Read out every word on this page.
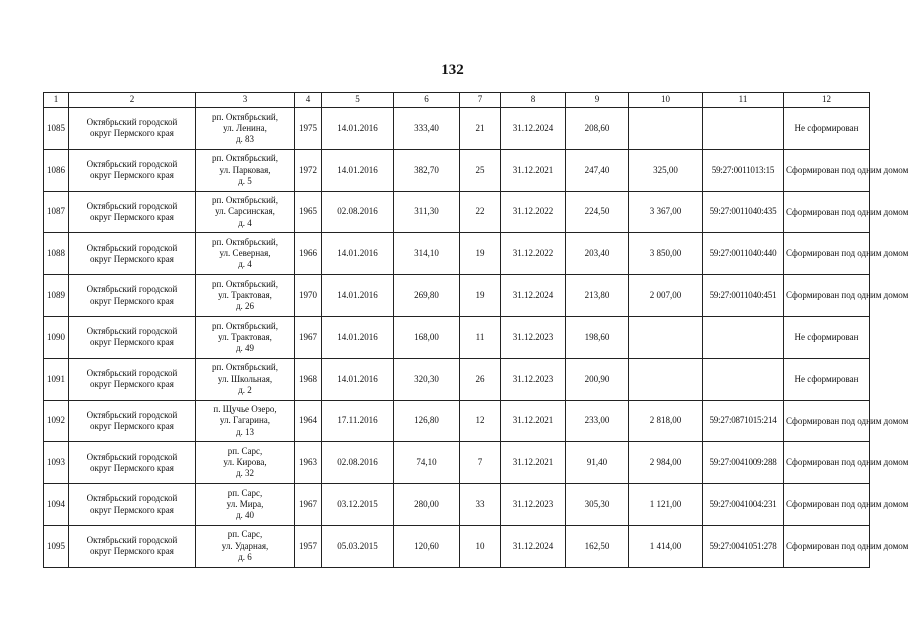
132
1	2	3	4	5	6	7	8	9	10	11	12
1085	Октябрьский городской
округ Пермского края	рп. Октябрьский,
ул. Ленина,
д. 83	1975	14.01.2016	333,40	21	31.12.2024	208,60			Не сформирован
1086	Октябрьский городской
округ Пермского края	рп. Октябрьский,
ул. Парковая,
д. 5	1972	14.01.2016	382,70	25	31.12.2021	247,40	325,00	59:27:0011013:15	Сформирован под одним домом
1087	Октябрьский городской
округ Пермского края	рп. Октябрьский,
ул. Сарсинская,
д. 4	1965	02.08.2016	311,30	22	31.12.2022	224,50	3 367,00	59:27:0011040:435	Сформирован под одним домом
1088	Октябрьский городской
округ Пермского края	рп. Октябрьский,
ул. Северная,
д. 4	1966	14.01.2016	314,10	19	31.12.2022	203,40	3 850,00	59:27:0011040:440	Сформирован под одним домом
1089	Октябрьский городской
округ Пермского края	рп. Октябрьский,
ул. Трактовая,
д. 26	1970	14.01.2016	269,80	19	31.12.2024	213,80	2 007,00	59:27:0011040:451	Сформирован под одним домом
1090	Октябрьский городской
округ Пермского края	рп. Октябрьский,
ул. Трактовая,
д. 49	1967	14.01.2016	168,00	11	31.12.2023	198,60			Не сформирован
1091	Октябрьский городской
округ Пермского края	рп. Октябрьский,
ул. Школьная,
д. 2	1968	14.01.2016	320,30	26	31.12.2023	200,90			Не сформирован
1092	Октябрьский городской
округ Пермского края	п. Щучье Озеро,
ул. Гагарина,
д. 13	1964	17.11.2016	126,80	12	31.12.2021	233,00	2 818,00	59:27:0871015:214	Сформирован под одним домом
1093	Октябрьский городской
округ Пермского края	рп. Сарс,
ул. Кирова,
д. 32	1963	02.08.2016	74,10	7	31.12.2021	91,40	2 984,00	59:27:0041009:288	Сформирован под одним домом
1094	Октябрьский городской
округ Пермского края	рп. Сарс,
ул. Мира,
д. 40	1967	03.12.2015	280,00	33	31.12.2023	305,30	1 121,00	59:27:0041004:231	Сформирован под одним домом
1095	Октябрьский городской
округ Пермского края	рп. Сарс,
ул. Ударная,
д. 6	1957	05.03.2015	120,60	10	31.12.2024	162,50	1 414,00	59:27:0041051:278	Сформирован под одним домом
